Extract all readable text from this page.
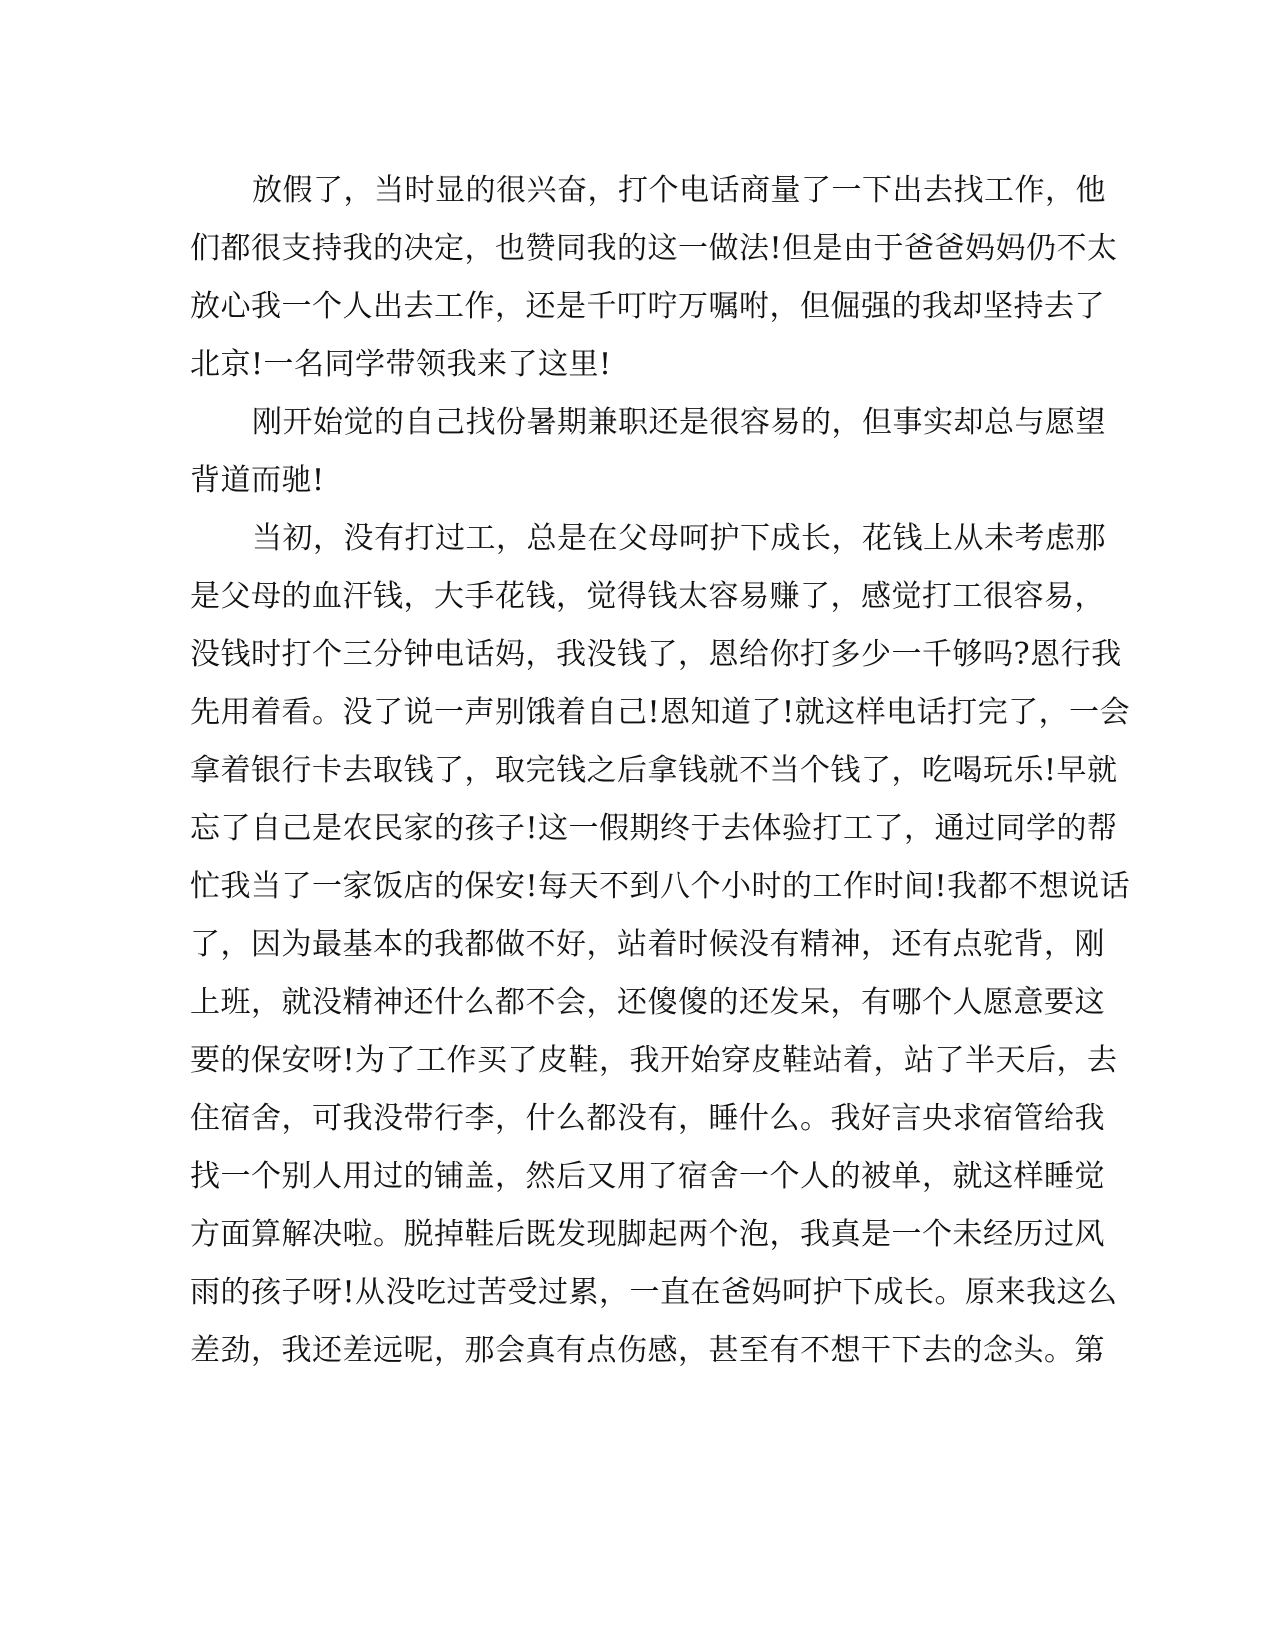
放假了，当时显的很兴奋，打个电话商量了一下出去找工作，他
们都很支持我的决定，也赞同我的这一做法!但是由于爸爸妈妈仍不太
放心我一个人出去工作，还是千叮咛万嘱咐，但倔强的我却坚持去了
北京!一名同学带领我来了这里!
刚开始觉的自己找份暑期兼职还是很容易的，但事实却总与愿望
背道而驰!
当初，没有打过工，总是在父母呵护下成长，花钱上从未考虑那
是父母的血汗钱，大手花钱，觉得钱太容易赚了，感觉打工很容易，
没钱时打个三分钟电话妈，我没钱了，恩给你打多少一千够吗?恩行我
先用着看。没了说一声别饿着自己!恩知道了!就这样电话打完了，一会
拿着银行卡去取钱了，取完钱之后拿钱就不当个钱了，吃喝玩乐!早就
忘了自己是农民家的孩子!这一假期终于去体验打工了，通过同学的帮
忙我当了一家饭店的保安!每天不到八个小时的工作时间!我都不想说话
了，因为最基本的我都做不好，站着时候没有精神，还有点驼背，刚
上班，就没精神还什么都不会，还傻傻的还发呆，有哪个人愿意要这
要的保安呀!为了工作买了皮鞋，我开始穿皮鞋站着，站了半天后，去
住宿舍，可我没带行李，什么都没有，睡什么。我好言央求宿管给我
找一个别人用过的铺盖，然后又用了宿舍一个人的被单，就这样睡觉
方面算解决啦。脱掉鞋后既发现脚起两个泡，我真是一个未经历过风
雨的孩子呀!从没吃过苦受过累，一直在爸妈呵护下成长。原来我这么
差劲，我还差远呢，那会真有点伤感，甚至有不想干下去的念头。第
